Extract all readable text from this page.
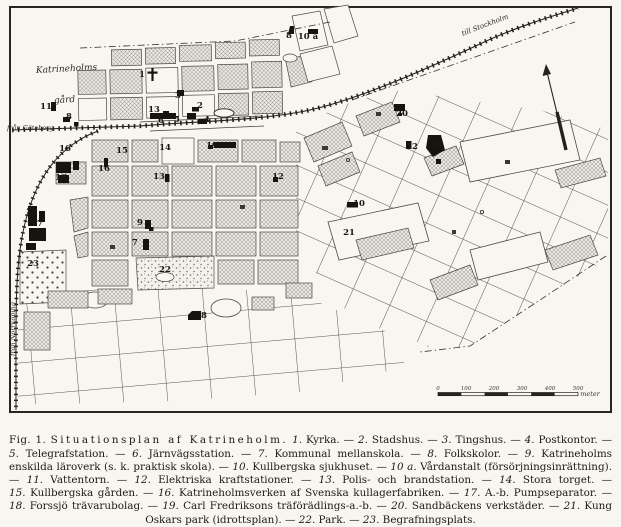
Katrineholms
gård
från Göteborg
från Norrköping
till Stockholm
1
2
3
4
5
6
7
8
8
8
9
10
10 a
11
12
12
13
13
14
15
16
16
16
17
18
19
20
21
22
23
0	100	200	300	400	500
meter

Fig. 1. Situationsplan af Katrineholm. 1. Kyrka. — 2. Stadshus. — 3. Tingshus. — 4. Postkontor. — 5. Telegrafstation. — 6. Järnvägsstation. — 7. Kommunal mellanskola. — 8. Folkskolor. — 9. Katrineholms enskilda läroverk (s. k. praktisk skola). — 10. Kullbergska sjukhuset. — 10 a. Vårdanstalt (försörjningsinrättning). — 11. Vattentorn. — 12. Elektriska kraftstationer. — 13. Polis- och brandstation. — 14. Stora torget. — 15. Kullbergska gården. — 16. Katrineholmsverken af Svenska kullagerfabriken. — 17. A.-b. Pumpseparator. — 18. Forssjö trävarubolag. — 19. Carl Fredriksons träförädlings-a.-b. — 20. Sandbäckens verkstäder. — 21. Kung Oskars park (idrottsplan). — 22. Park. — 23. Begrafningsplats.
